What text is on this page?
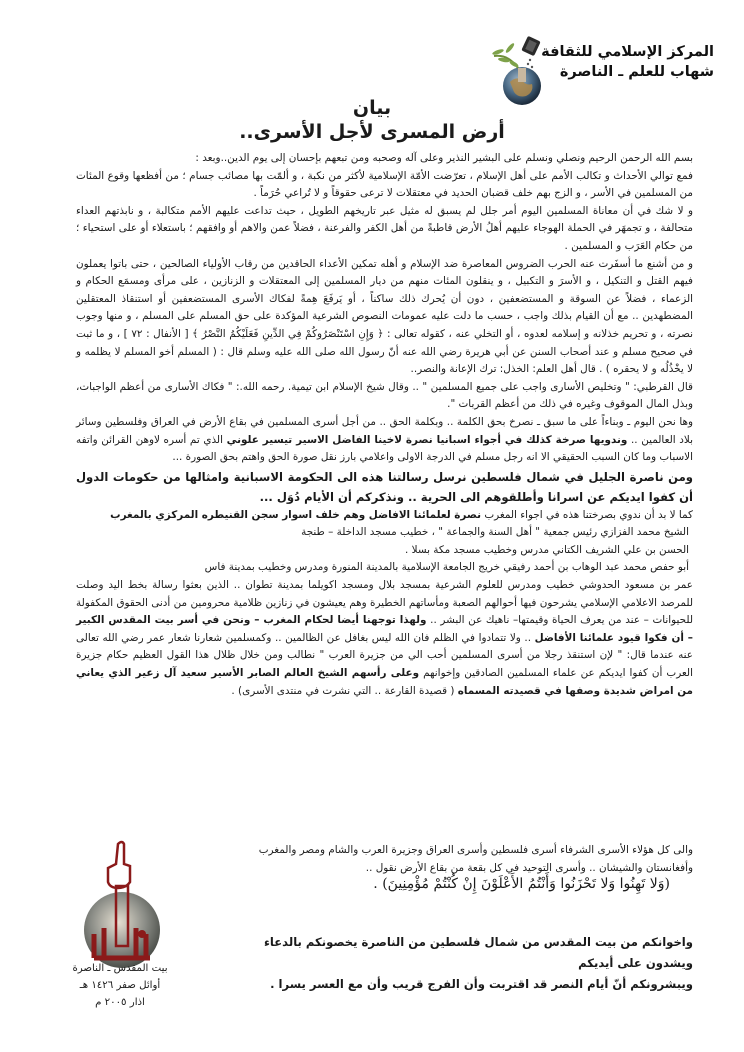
المركز الإسلامي للثقافة
شهاب للعلم ـ الناصرة
بيان
أرض المسرى لأجل الأسرى..

بسم الله الرحمن الرحيم ونصلي ونسلم على البشير النذير وعلى آله وصحبه ومن تبعهم بإحسان إلى يوم الدين..وبعد :

فمع توالي الأحداث و تكالب الأمم على أهل الإسلام ، تعرّضت الأمّة الإسلامية لأكثر من نكبة ، و ألمّت بها مصائب جسام ؛ من أفظعها وقوع المئات من المسلمين في الأسر ، و الزج بهم خلف قضبان الحديد في معتقلات لا ترعى حقوقاً و لا تُراعي حُرَماً .

و لا شك في أن معاناة المسلمين اليوم أمر جلل لم يسبق له مثيل عبر تاريخهم الطويل ، حيث تداعت عليهم الأمم متكالبة ، و نابذتهم العداء متحالفة ، و تجمهَر في الحملة الهوجاء عليهم أهلُ الأرض قاطبةً من أهل الكفر والفرعنة ، فضلاً عمن والاهم أو وافقهم ؛ باستعلاء أو على استحياء ؛ من حكام العَرَب و المسلمين .

و من أشنع ما أسفَرت عنه الحرب الضروس المعاصرة ضد الإسلام و أهله تمكين الأعداء الحاقدين من رقاب الأولياء الصالحين ، حتى باتوا يعملون فيهم القتل و التنكيل ، و الأسرَ و التكبيل ، و ينقلون المئات منهم من ديار المسلمين إلى المعتقلات و الزنازين ، على مرأى ومسمَع الحكام و الزعماء ، فضلاً عن السوقة و المستضعفين ، دون أن يُحرك ذلك ساكناً ، أو يَرفَعَ هِمةً لفكاك الأسرى المستضعفين أو استنقاذ المعتقلين المضطهدين .. مع أن القيام بذلك واجب ، حسب ما دلت عليه عمومات النصوص الشرعية المؤكدة على حق المسلم على المسلم ، و منها وجوب نصرته ، و تحريم خذلانه و إسلامه لعدوه ، أو التخلي عنه ، كقوله تعالى : ﴿ وَإِنِ اسْتَنْصَرُوكُمْ فِي الدِّينِ فَعَلَيْكُمُ النَّصْرُ ﴾ [ الأنفال : ٧٢ ] ، و ما ثبت في صحيح مسلم و عند أصحاب السنن عن أبي هريرة رضي الله عنه أنّ رسول الله صلى الله عليه وسلم قال : ( المسلم أخو المسلم لا يظلمه و لا يخْذُلُه و لا يحقره ) . قال أهل العلم: الخذل: ترك الإعانة والنصر..

قال القرطبي: " وتخليص الأسارى واجب على جميع المسلمين " .. وقال شيخ الإسلام ابن تيمية. رحمه الله.: " فكاك الأسارى من أعظم الواجبات، وبذل المال الموقوف وغيره في ذلك من أعظم القربات ".

وها نحن اليوم ـ وبناءاً على ما سبق ـ نصرخ بحق الكلمة .. وبكلمة الحق .. من أجل أسرى المسلمين في بقاع الأرض في العراق وفلسطين وسائر بلاد العالمين .. وندويها صرخة كذلك في أجواء اسبانيا نصرة لاخينا الفاضل الاسير تيسير علوني الذي تم أسره لاوهن القرائن واتفه الاسباب وما كان السبب الحقيقي الا انه رجل مسلم في الدرجة الاولى واعلامي بارز نقل صورة الحق واهتم بحق الصورة ...

ومن ناصرة الجليل في شمال فلسطين نرسل رسالتنا هذه الى الحكومة الاسبانية وامثالها من حكومات الدول أن كفوا ايديكم عن اسرانا وأطلقوهم الى الحرية .. ونذكركم أن الأيام دُوَل ...

كما لا بد أن ندوي بصرختنا هذه في اجواء المغرب نصرة لعلمائنا الافاضل وهم خلف اسوار سجن القنيطره المركزي بالمغرب

الشيخ محمد الفزازي رئيس جمعية " أهل السنة والجماعة " ، خطيب مسجد الداخلة – طنجة
الحسن بن علي الشريف الكتاني مدرس وخطيب مسجد مكة بسلا .
أبو حفص محمد عبد الوهاب بن أحمد رفيقي خريج الجامعة الإسلامية بالمدينة المنورة ومدرس وخطيب بمدينة فاس

عمر بن مسعود الحدوشي خطيب ومدرس للعلوم الشرعية بمسجد بلال ومسجد اكويلما بمدينة تطوان .. الذين بعثوا رسالة بخط اليد وصلت للمرصد الاعلامي الإسلامي يشرحون فيها أحوالهم الصعبة ومأساتهم الخطيرة وهم يعيشون في زنازين ظلامية محرومين من أدنى الحقوق المكفولة للحيوانات – عند من يعرف الحياة وقيمتها– ناهيك عن البشر .. ولهذا توجهنا أيضا لحكام المغرب – ونحن في أسر بيت المقدس الكبير – أن فكوا قيود علمائنا الأفاضل .. ولا تتمادوا في الظلم فان الله ليس بغافل عن الظالمين .. وكمسلمين شعارنا شعار عمر رضي الله تعالى عنه عندما قال: " لإن استنقذ رجلا من أسرى المسلمين أحب الي من جزيرة العرب " نطالب ومن خلال ظلال هذا القول العظيم حكام جزيرة العرب أن كفوا ايديكم عن علماء المسلمين الصادقين وإخوانهم وعلى رأسهم الشيخ العالم الصابر الأسير سعيد آل زعير الذي يعاني من امراض شديدة وصفها في قصيدته المسماه ( قصيدة القارعة .. التي نشرت في منتدى الأسرى) .

والى كل هؤلاء الأسرى الشرفاء أسرى فلسطين وأسرى العراق وجزيرة العرب والشام ومصر والمغرب وأفغانستان والشيشان .. وأسرى التوحيد في كل بقعة من بقاع الأرض نقول ..
(وَلا تَهِنُوا وَلا تَحْزَنُوا وَأَنْتُمُ الأَعْلَوْنَ إِنْ كُنْتُمْ مُؤْمِنِينَ) .
واخوانكم من بيت المقدس من شمال فلسطين من الناصرة يخصونكم بالدعاء ويشدون على أيديكم
ويبشرونكم أنّ أيام النصر قد اقتربت وأن الفرج قريب وأن مع العسر يسرا .
بيت المقدس ـ الناصرة
أوائل صفر ١٤٢٦ هـ
اذار ٢٠٠٥ م
